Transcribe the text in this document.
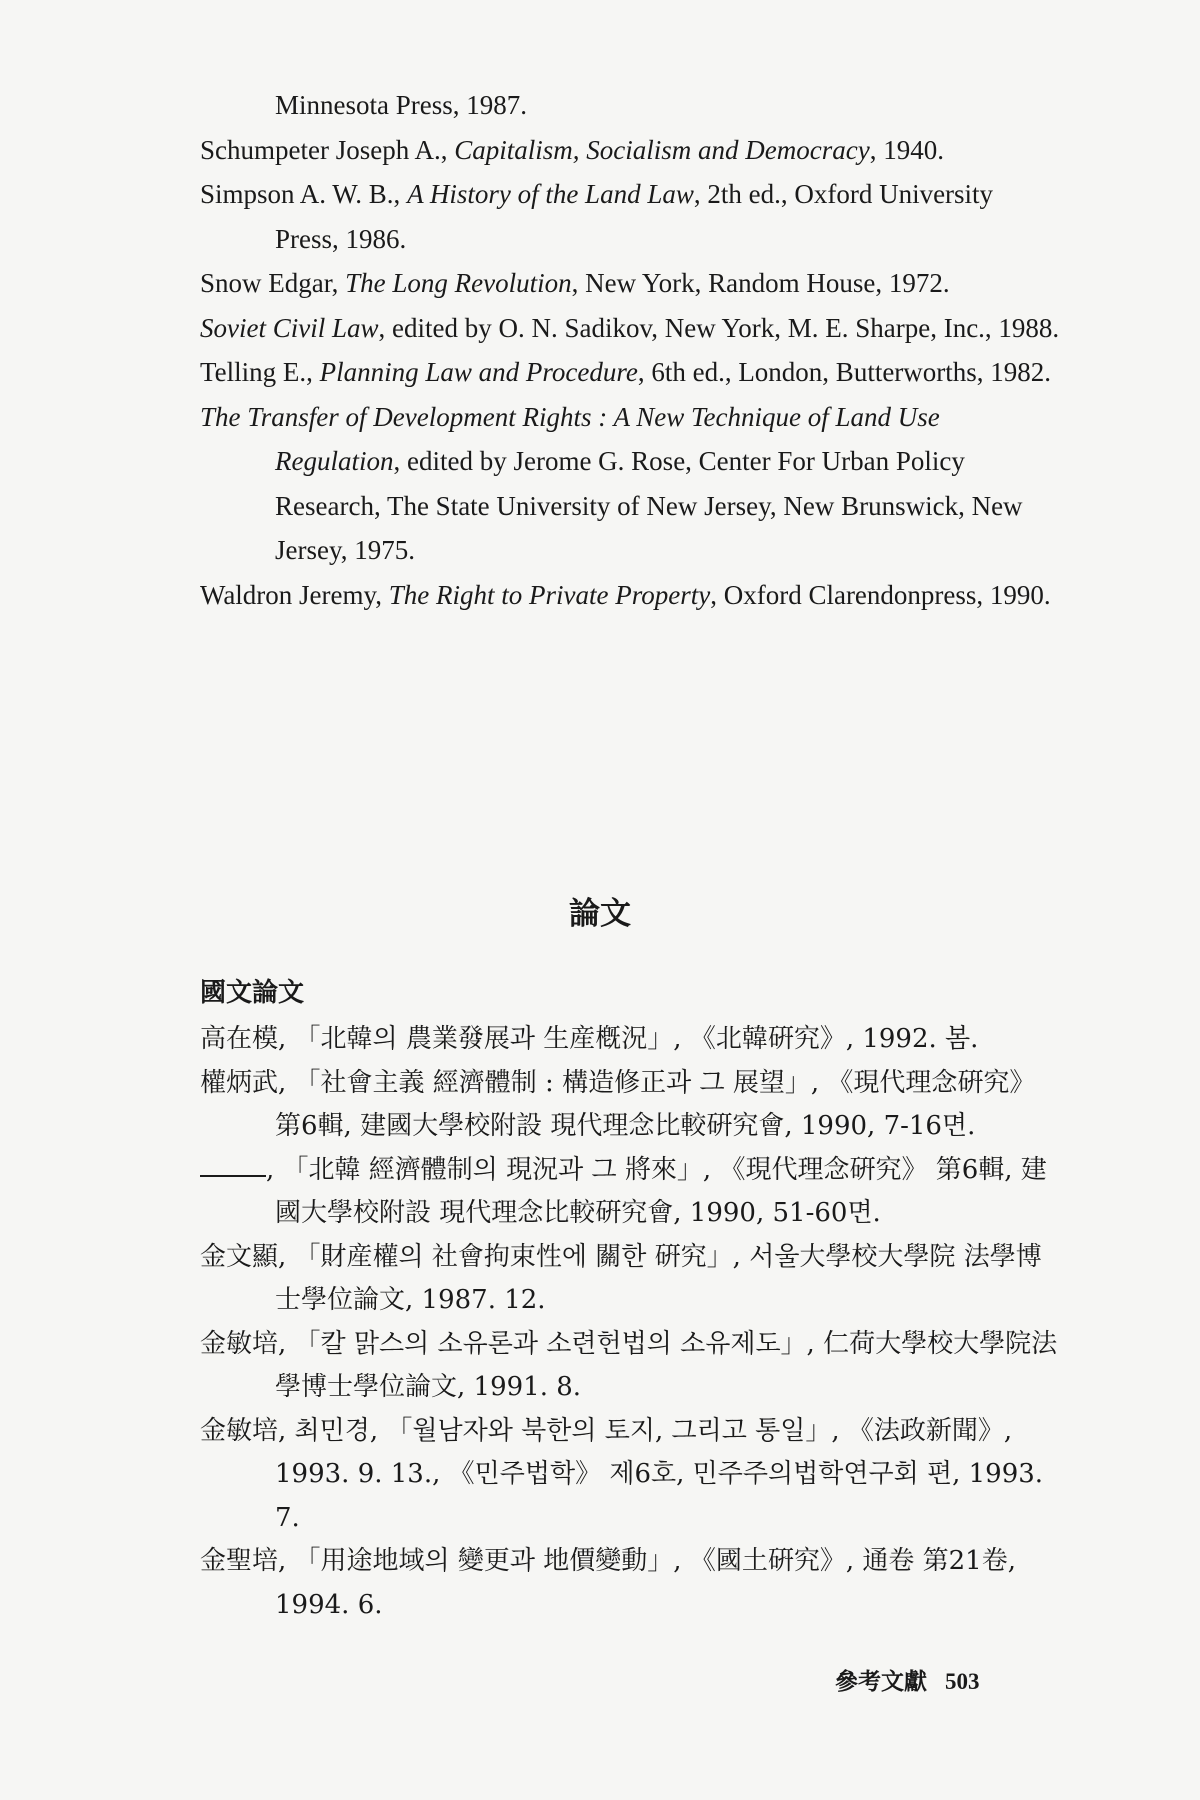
Minnesota Press, 1987.

Schumpeter Joseph A., Capitalism, Socialism and Democracy, 1940.

Simpson A. W. B., A History of the Land Law, 2th ed., Oxford University Press, 1986.

Snow Edgar, The Long Revolution, New York, Random House, 1972.

Soviet Civil Law, edited by O. N. Sadikov, New York, M. E. Sharpe, Inc., 1988.

Telling E., Planning Law and Procedure, 6th ed., London, Butterworths, 1982.

The Transfer of Development Rights : A New Technique of Land Use Regulation, edited by Jerome G. Rose, Center For Urban Policy Research, The State University of New Jersey, New Brunswick, New Jersey, 1975.

Waldron Jeremy, The Right to Private Property, Oxford Clarendonpress, 1990.

論文
國文論文

高在模, 「北韓의 農業發展과 生産槪況」, 《北韓硏究》, 1992. 봄.

權炳武, 「社會主義 經濟體制 : 構造修正과 그 展望」, 《現代理念硏究》 第6輯, 建國大學校附設 現代理念比較硏究會, 1990, 7-16면.

, 「北韓 經濟體制의 現況과 그 將來」, 《現代理念硏究》 第6輯, 建國大學校附設 現代理念比較硏究會, 1990, 51-60면.

金文顯, 「財産權의 社會拘束性에 關한 硏究」, 서울大學校大學院 法學博士學位論文, 1987. 12.

金敏培, 「칼 맑스의 소유론과 소련헌법의 소유제도」, 仁荷大學校大學院法學博士學位論文, 1991. 8.

金敏培, 최민경, 「월남자와 북한의 토지, 그리고 통일」, 《法政新聞》, 1993. 9. 13., 《민주법학》 제6호, 민주주의법학연구회 편, 1993. 7.

金聖培, 「用途地域의 變更과 地價變動」, 《國土硏究》, 通卷 第21卷, 1994. 6.

參考文獻 503
